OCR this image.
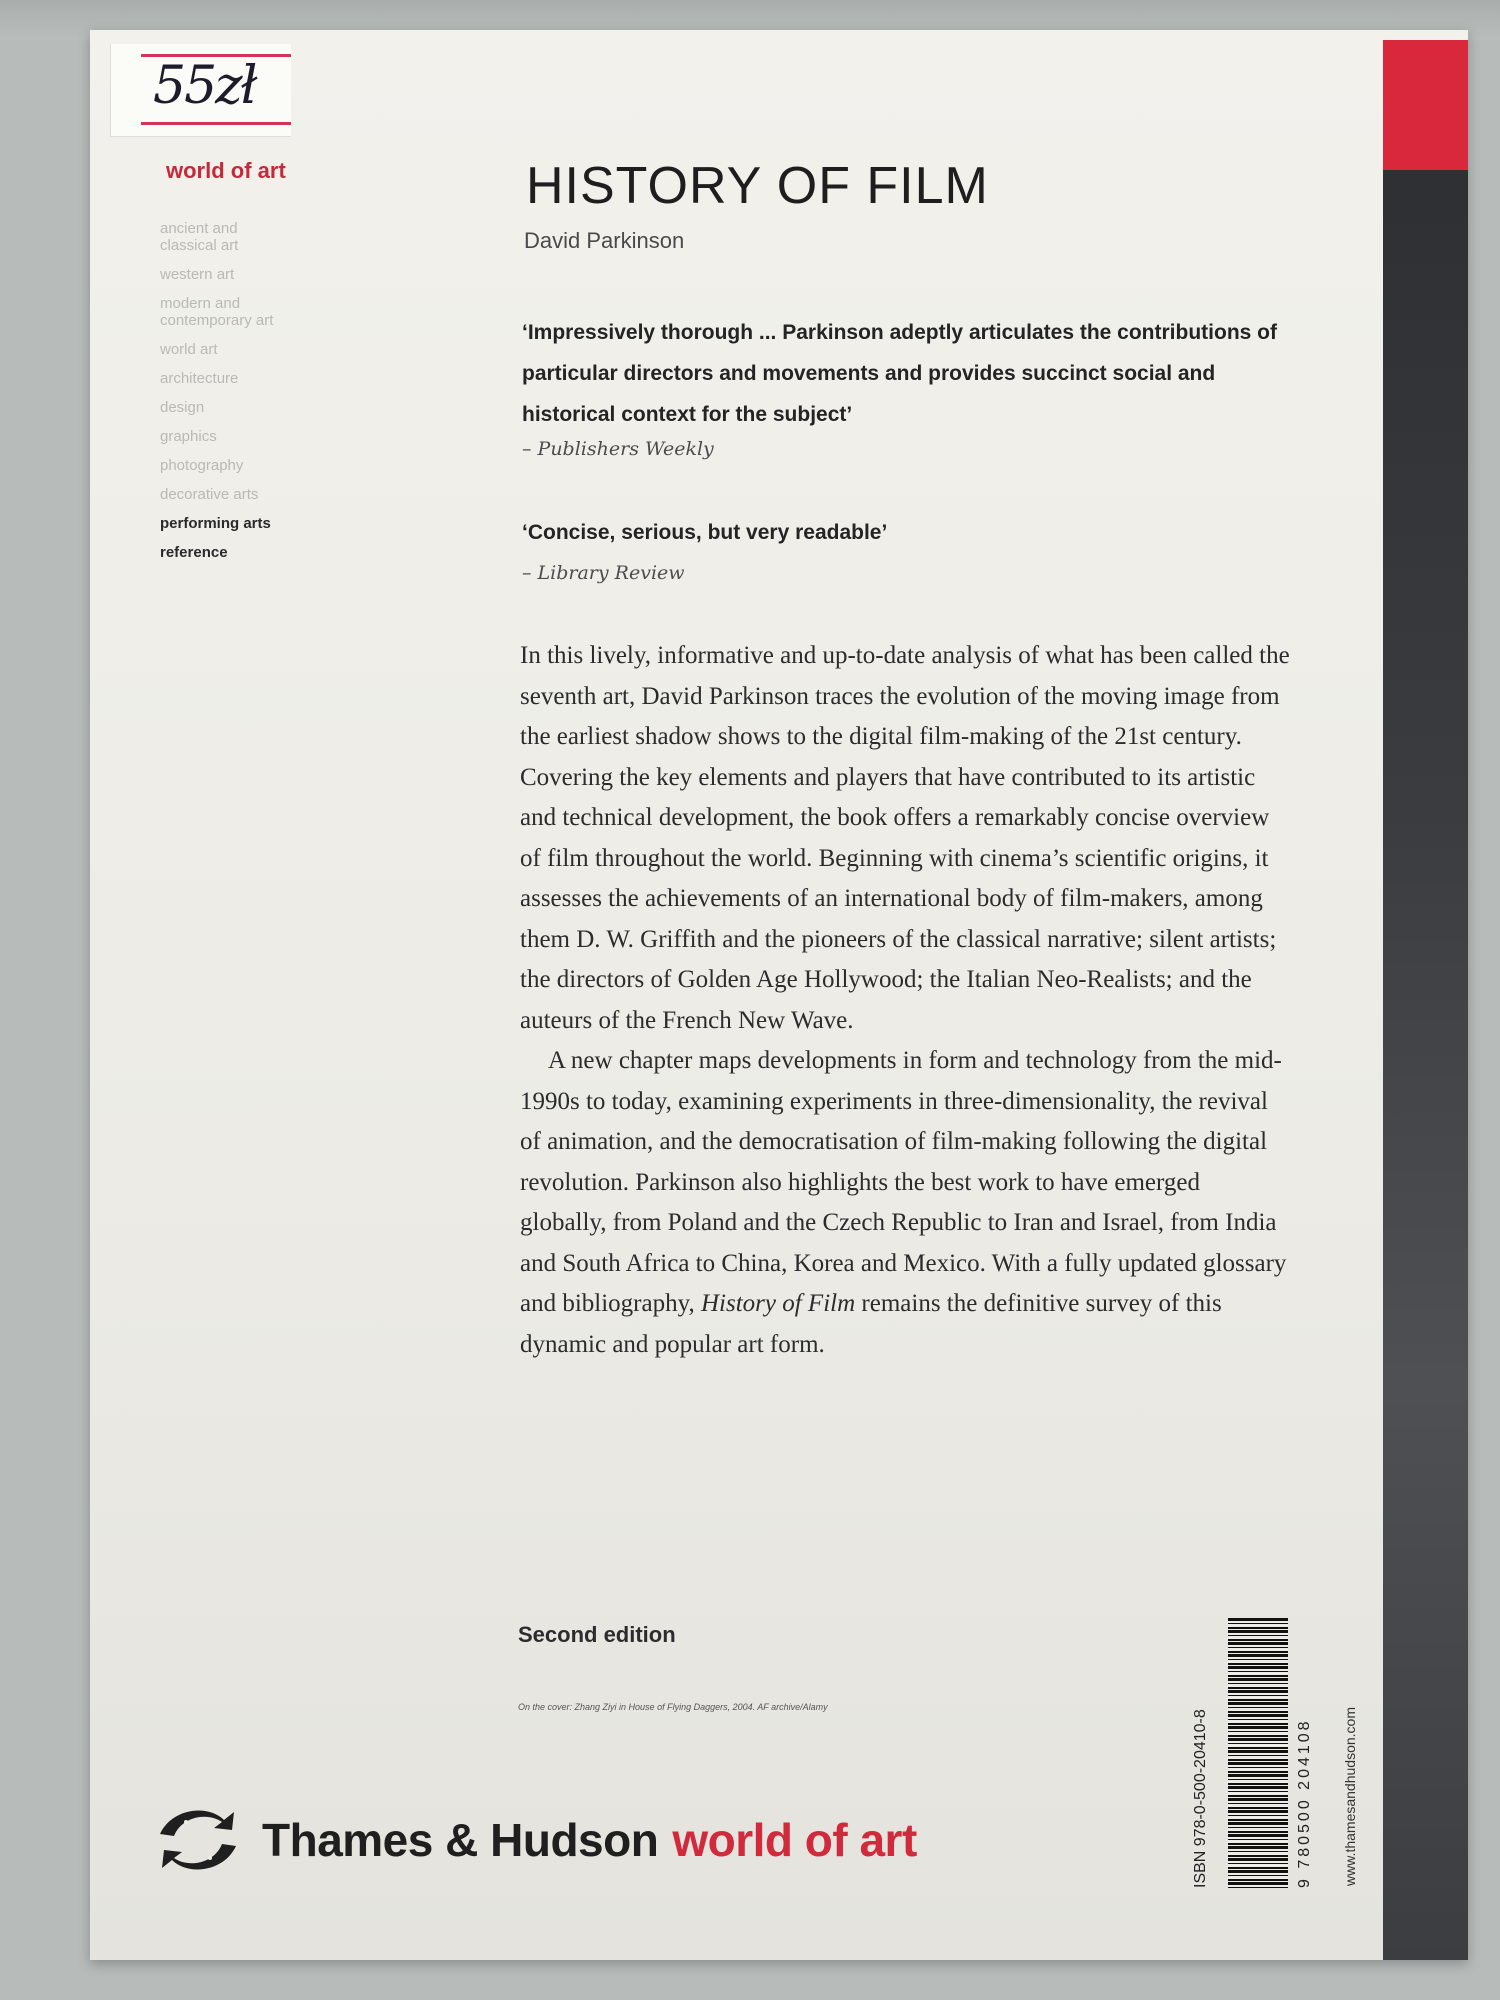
55zł
world of art
ancient and
classical art
western art
modern and
contemporary art
world art
architecture
design
graphics
photography
decorative arts
performing arts
reference
HISTORY OF FILM
David Parkinson

‘Impressively thorough ... Parkinson adeptly articulates the contributions of particular directors and movements and provides succinct social and historical context for the subject’

– Publishers Weekly

‘Concise, serious, but very readable’

– Library Review

In this lively, informative and up-to-date analysis of what has been called the seventh art, David Parkinson traces the evolution of the moving image from the earliest shadow shows to the digital film-making of the 21st century. Covering the key elements and players that have contributed to its artistic and technical development, the book offers a remarkably concise overview of film throughout the world. Beginning with cinema’s scientific origins, it assesses the achievements of an international body of film-makers, among them D. W. Griffith and the pioneers of the classical narrative; silent artists; the directors of Golden Age Hollywood; the Italian Neo-Realists; and the auteurs of the French New Wave.

A new chapter maps developments in form and technology from the mid-1990s to today, examining experiments in three-dimensionality, the revival of animation, and the democratisation of film-making following the digital revolution. Parkinson also highlights the best work to have emerged globally, from Poland and the Czech Republic to Iran and Israel, from India and South Africa to China, Korea and Mexico. With a fully updated glossary and bibliography, History of Film remains the definitive survey of this dynamic and popular art form.

Second edition
On the cover: Zhang Ziyi in House of Flying Daggers, 2004. AF archive/Alamy
Thames & Hudson world of art	ISBN 978-0-500-20410-8	9 780500 204108 www.thamesandhudson.com
